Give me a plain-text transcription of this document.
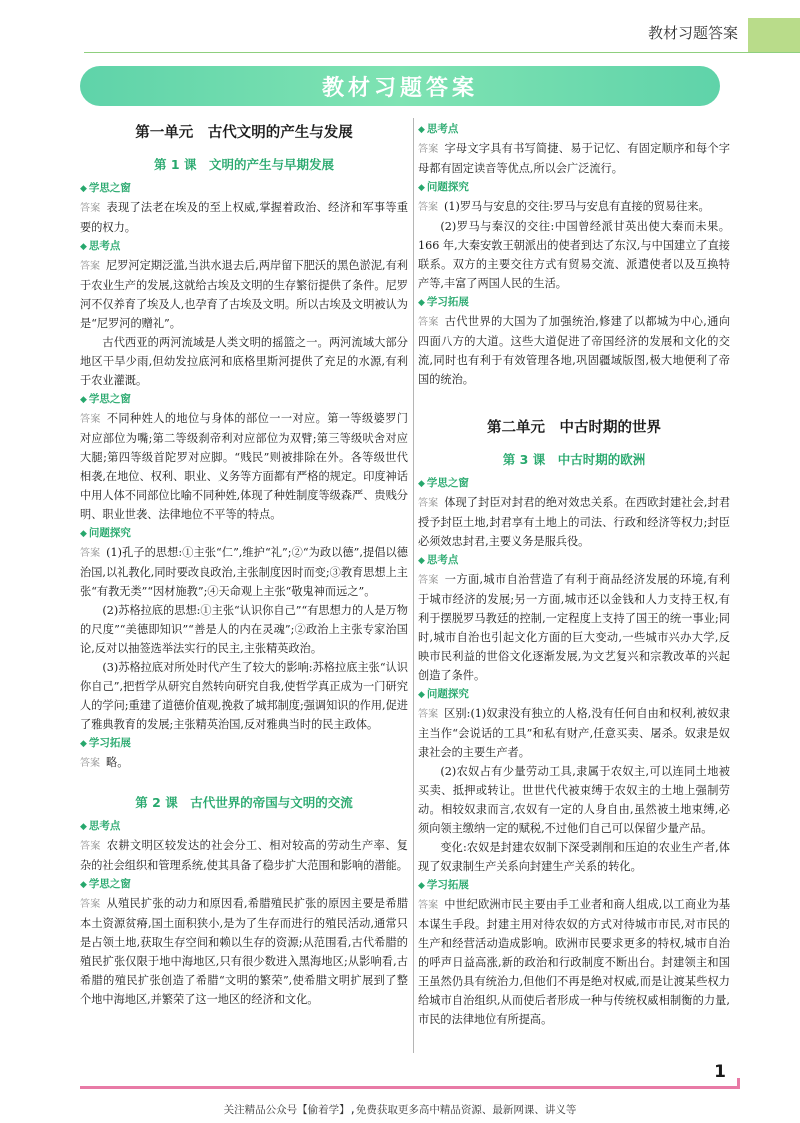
教材习题答案
教材习题答案
第一单元　古代文明的产生与发展
第 1 课　文明的产生与早期发展
◆ 学思之窗

答案 表现了法老在埃及的至上权威,掌握着政治、经济和军事等重要的权力。

◆ 思考点

答案 尼罗河定期泛滥,当洪水退去后,两岸留下肥沃的黑色淤泥,有利于农业生产的发展,这就给古埃及文明的生存繁衍提供了条件。尼罗河不仅养育了埃及人,也孕育了古埃及文明。所以古埃及文明被认为是“尼罗河的赠礼”。

古代西亚的两河流域是人类文明的摇篮之一。两河流域大部分地区干旱少雨,但幼发拉底河和底格里斯河提供了充足的水源,有利于农业灌溉。

◆ 学思之窗

答案 不同种姓人的地位与身体的部位一一对应。第一等级婆罗门对应部位为嘴;第二等级刹帝利对应部位为双臂;第三等级吠舍对应大腿;第四等级首陀罗对应脚。“贱民”则被排除在外。各等级世代相袭,在地位、权利、职业、义务等方面都有严格的规定。印度神话中用人体不同部位比喻不同种姓,体现了种姓制度等级森严、贵贱分明、职业世袭、法律地位不平等的特点。

◆ 问题探究

答案 (1)孔子的思想:①主张“仁”,维护“礼”;②“为政以德”,提倡以德治国,以礼教化,同时要改良政治,主张制度因时而变;③教育思想上主张“有教无类”“因材施教”;④天命观上主张“敬鬼神而远之”。

(2)苏格拉底的思想:①主张“认识你自己”“有思想力的人是万物的尺度”“美德即知识”“善是人的内在灵魂”;②政治上主张专家治国论,反对以抽签选举法实行的民主,主张精英政治。

(3)苏格拉底对所处时代产生了较大的影响:苏格拉底主张“认识你自己”,把哲学从研究自然转向研究自我,使哲学真正成为一门研究人的学问;重建了道德价值观,挽救了城邦制度;强调知识的作用,促进了雅典教育的发展;主张精英治国,反对雅典当时的民主政体。

◆ 学习拓展

答案 略。

第 2 课　古代世界的帝国与文明的交流
◆ 思考点

答案 农耕文明区较发达的社会分工、相对较高的劳动生产率、复杂的社会组织和管理系统,使其具备了稳步扩大范围和影响的潜能。

◆ 学思之窗

答案 从殖民扩张的动力和原因看,希腊殖民扩张的原因主要是希腊本土资源贫瘠,国土面积狭小,是为了生存而进行的殖民活动,通常只是占领土地,获取生存空间和赖以生存的资源;从范围看,古代希腊的殖民扩张仅限于地中海地区,只有很少数进入黑海地区;从影响看,古希腊的殖民扩张创造了希腊“文明的繁荣”,使希腊文明扩展到了整个地中海地区,并繁荣了这一地区的经济和文化。

◆ 思考点

答案 字母文字具有书写简捷、易于记忆、有固定顺序和每个字母都有固定读音等优点,所以会广泛流行。

◆ 问题探究

答案 (1)罗马与安息的交往:罗马与安息有直接的贸易往来。

(2)罗马与秦汉的交往:中国曾经派甘英出使大秦而未果。166 年,大秦安敦王朝派出的使者到达了东汉,与中国建立了直接联系。双方的主要交往方式有贸易交流、派遣使者以及互换特产等,丰富了两国人民的生活。

◆ 学习拓展

答案 古代世界的大国为了加强统治,修建了以都城为中心,通向四面八方的大道。这些大道促进了帝国经济的发展和文化的交流,同时也有利于有效管理各地,巩固疆域版图,极大地便利了帝国的统治。

第二单元　中古时期的世界
第 3 课　中古时期的欧洲
◆ 学思之窗

答案 体现了封臣对封君的绝对效忠关系。在西欧封建社会,封君授予封臣土地,封君享有土地上的司法、行政和经济等权力;封臣必须效忠封君,主要义务是服兵役。

◆ 思考点

答案 一方面,城市自治营造了有利于商品经济发展的环境,有利于城市经济的发展;另一方面,城市还以金钱和人力支持王权,有利于摆脱罗马教廷的控制,一定程度上支持了国王的统一事业;同时,城市自治也引起文化方面的巨大变动,一些城市兴办大学,反映市民利益的世俗文化逐渐发展,为文艺复兴和宗教改革的兴起创造了条件。

◆ 问题探究

答案 区别:(1)奴隶没有独立的人格,没有任何自由和权利,被奴隶主当作“会说话的工具”和私有财产,任意买卖、屠杀。奴隶是奴隶社会的主要生产者。

(2)农奴占有少量劳动工具,隶属于农奴主,可以连同土地被买卖、抵押或转让。世世代代被束缚于农奴主的土地上强制劳动。相较奴隶而言,农奴有一定的人身自由,虽然被土地束缚,必须向领主缴纳一定的赋税,不过他们自己可以保留少量产品。

变化:农奴是封建农奴制下深受剥削和压迫的农业生产者,体现了奴隶制生产关系向封建生产关系的转化。

◆ 学习拓展

答案 中世纪欧洲市民主要由手工业者和商人组成,以工商业为基本谋生手段。封建主用对待农奴的方式对待城市市民,对市民的生产和经营活动造成影响。欧洲市民要求更多的特权,城市自治的呼声日益高涨,新的政治和行政制度不断出台。封建领主和国王虽然仍具有统治力,但他们不再是绝对权威,而是让渡某些权力给城市自治组织,从而使后者形成一种与传统权威相制衡的力量,市民的法律地位有所提高。

1
关注精品公众号【偷着学】,免费获取更多高中精品资源、最新网课、讲义等
